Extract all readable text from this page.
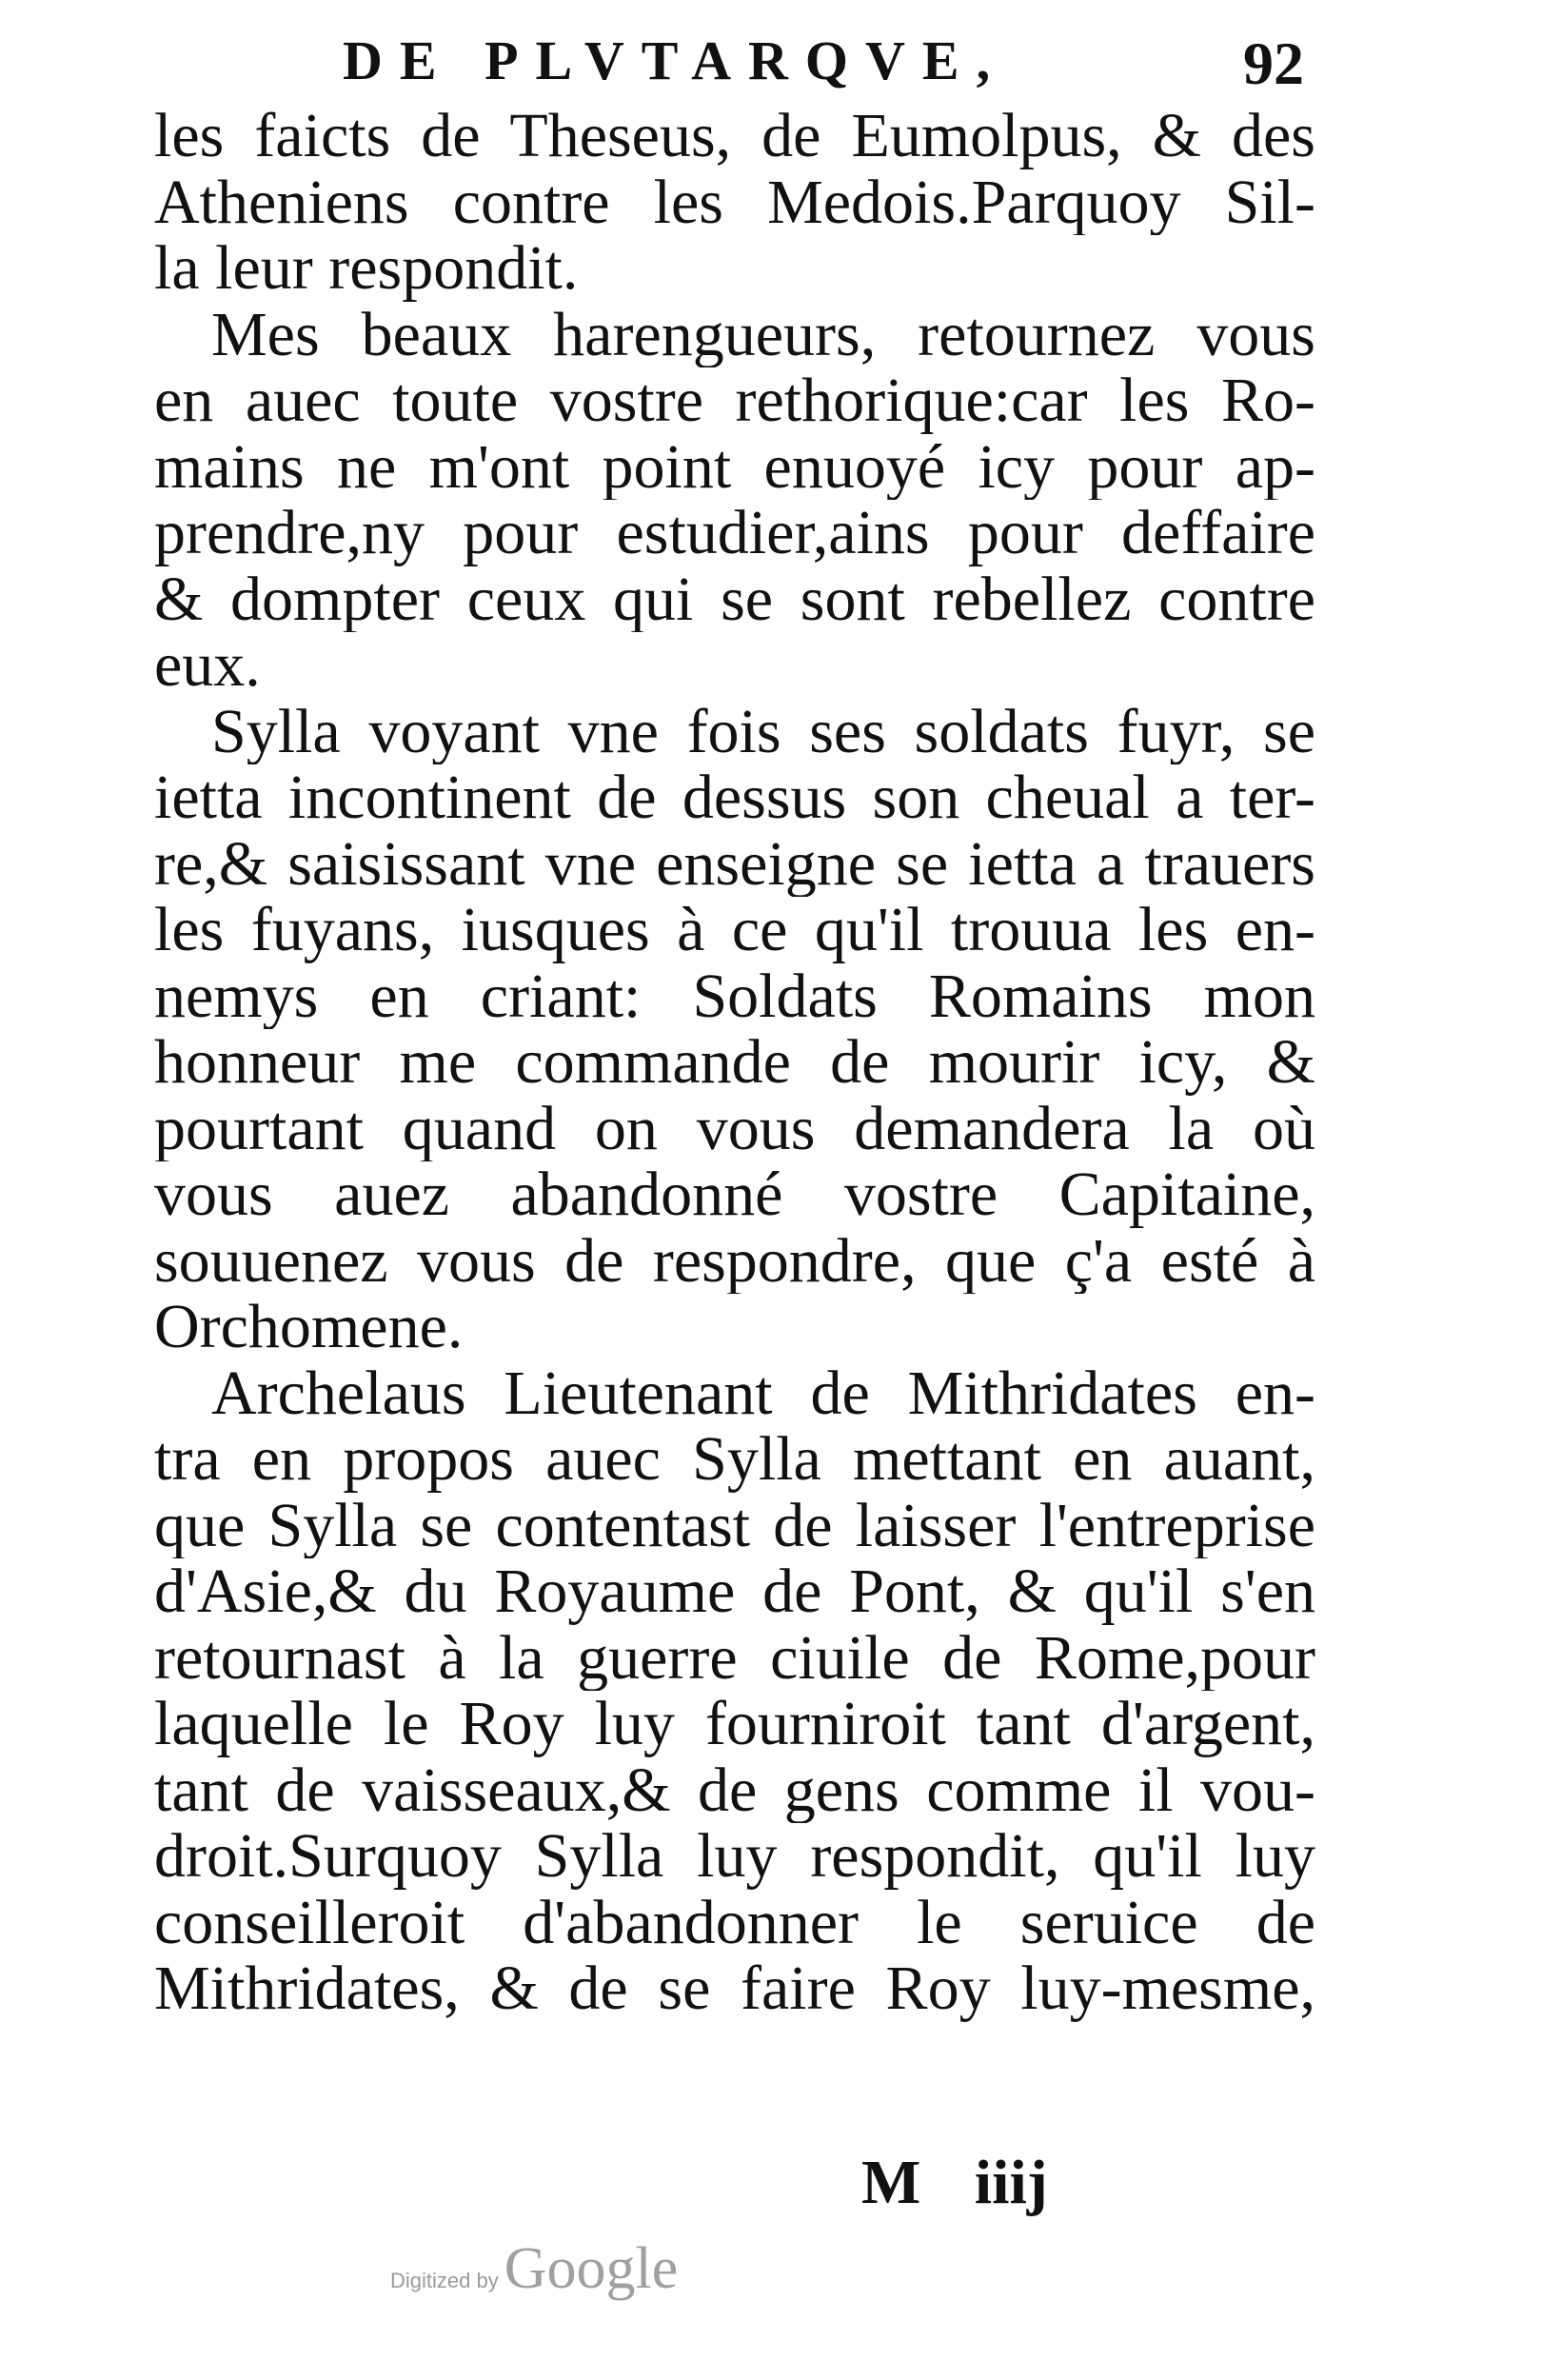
DE PLVTARQVE,	92
les faicts de Theseus, de Eumolpus, & des
Atheniens contre les Medois.Parquoy Sil-
la leur respondit.
Mes beaux harengueurs, retournez vous
en auec toute vostre rethorique:car les Ro-
mains ne m'ont point enuoyé icy pour ap-
prendre,ny pour estudier,ains pour deffaire
& dompter ceux qui se sont rebellez contre
eux.
Sylla voyant vne fois ses soldats fuyr, se
ietta incontinent de dessus son cheual a ter-
re,& saisissant vne enseigne se ietta a trauers
les fuyans, iusques à ce qu'il trouua les en-
nemys en criant: Soldats Romains mon
honneur me commande de mourir icy, &
pourtant quand on vous demandera la où
vous auez abandonné vostre Capitaine,
souuenez vous de respondre, que ç'a esté à
Orchomene.
Archelaus Lieutenant de Mithridates en-
tra en propos auec Sylla mettant en auant,
que Sylla se contentast de laisser l'entreprise
d'Asie,& du Royaume de Pont, & qu'il s'en
retournast à la guerre ciuile de Rome,pour
laquelle le Roy luy fourniroit tant d'argent,
tant de vaisseaux,& de gens comme il vou-
droit.Surquoy Sylla luy respondit, qu'il luy
conseilleroit d'abandonner le seruice de
Mithridates, & de se faire Roy luy-mesme,
M iiij
Digitized by Google
